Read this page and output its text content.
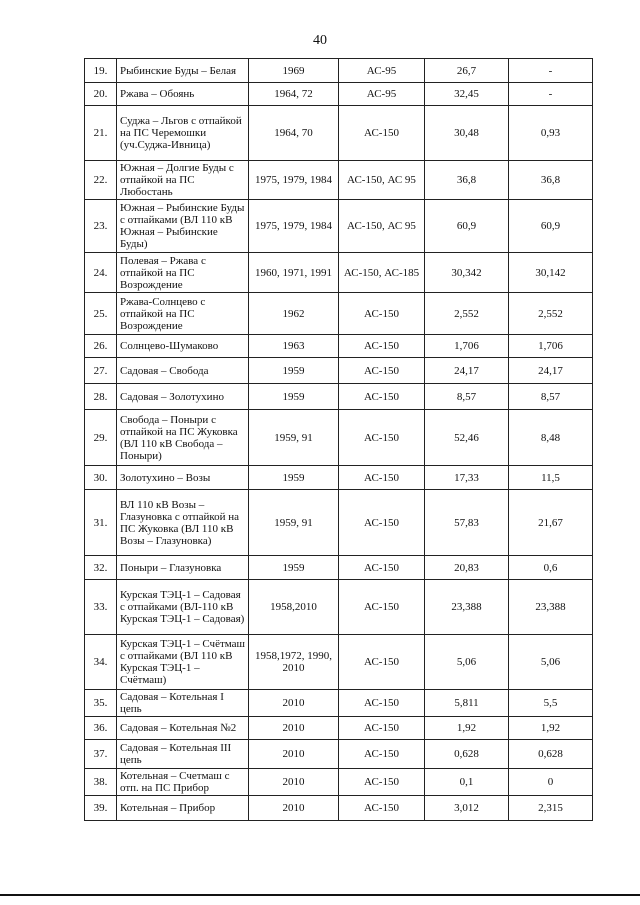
40
19.	Рыбинские Буды – Белая	1969	АС-95	26,7	-
20.	Ржава – Обоянь	1964, 72	АС-95	32,45	-
21.	Суджа – Льгов с отпайкой на ПС Черемошки (уч.Суджа-Ивница)	1964, 70	АС-150	30,48	0,93
22.	Южная – Долгие Буды с отпайкой на ПС Любостань	1975, 1979, 1984	АС-150, АС 95	36,8	36,8
23.	Южная – Рыбинские Буды с отпайками (ВЛ 110 кВ Южная – Рыбинские Буды)	1975, 1979, 1984	АС-150, АС 95	60,9	60,9
24.	Полевая – Ржава с отпайкой на ПС Возрождение	1960, 1971, 1991	АС-150, АС-185	30,342	30,142
25.	Ржава-Солнцево с отпайкой на ПС Возрождение	1962	АС-150	2,552	2,552
26.	Солнцево-Шумаково	1963	АС-150	1,706	1,706
27.	Садовая – Свобода	1959	АС-150	24,17	24,17
28.	Садовая – Золотухино	1959	АС-150	8,57	8,57
29.	Свобода – Поныри с отпайкой на ПС Жуковка (ВЛ 110 кВ Свобода – Поныри)	1959, 91	АС-150	52,46	8,48
30.	Золотухино – Возы	1959	АС-150	17,33	11,5
31.	ВЛ 110 кВ Возы – Глазуновка с отпайкой на ПС Жуковка (ВЛ 110 кВ Возы – Глазуновка)	1959, 91	АС-150	57,83	21,67
32.	Поныри – Глазуновка	1959	АС-150	20,83	0,6
33.	Курская ТЭЦ-1 – Садовая с отпайками (ВЛ-110 кВ Курская ТЭЦ-1 – Садовая)	1958,2010	АС-150	23,388	23,388
34.	Курская ТЭЦ-1 – Счётмаш с отпайками (ВЛ 110 кВ Курская ТЭЦ-1 – Счётмаш)	1958,1972, 1990, 2010	АС-150	5,06	5,06
35.	Садовая – Котельная I цепь	2010	АС-150	5,811	5,5
36.	Садовая – Котельная №2	2010	АС-150	1,92	1,92
37.	Садовая – Котельная III цепь	2010	АС-150	0,628	0,628
38.	Котельная – Счетмаш с отп. на ПС Прибор	2010	АС-150	0,1	0
39.	Котельная – Прибор	2010	АС-150	3,012	2,315
